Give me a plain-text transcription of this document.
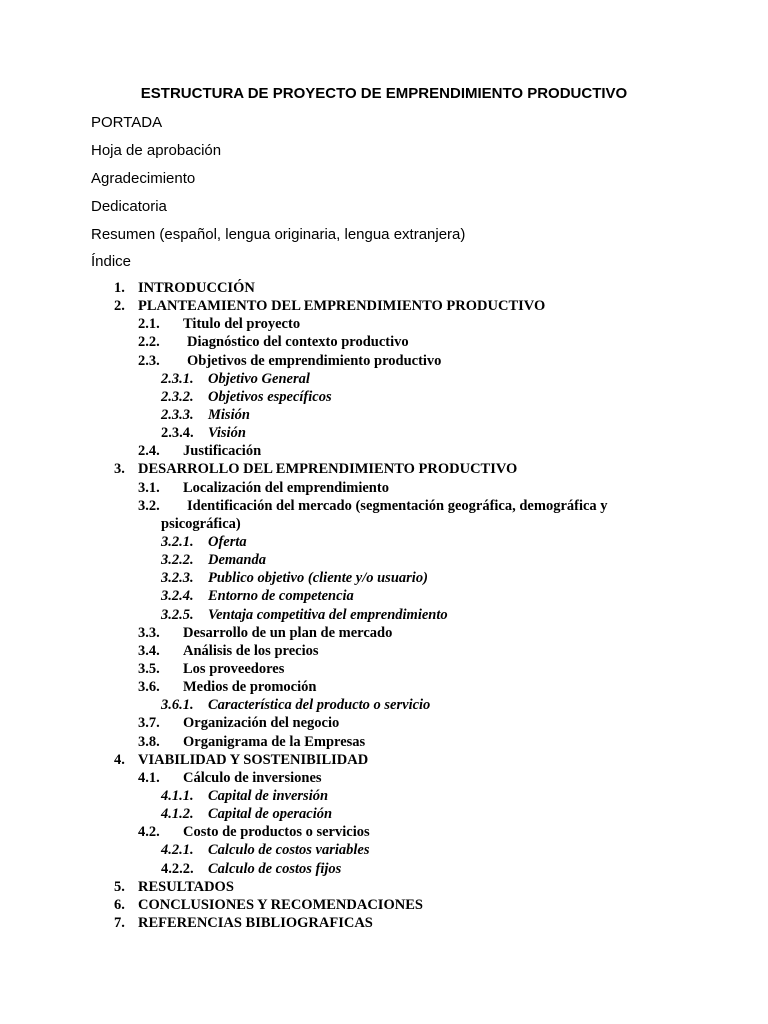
ESTRUCTURA DE PROYECTO DE EMPRENDIMIENTO PRODUCTIVO
PORTADA
Hoja de aprobación
Agradecimiento
Dedicatoria
Resumen (español, lengua originaria, lengua extranjera)
Índice
1. INTRODUCCIÓN
2. PLANTEAMIENTO DEL EMPRENDIMIENTO PRODUCTIVO
2.1. Titulo del proyecto
2.2. Diagnóstico del contexto productivo
2.3. Objetivos de emprendimiento productivo
2.3.1. Objetivo General
2.3.2. Objetivos específicos
2.3.3. Misión
2.3.4. Visión
2.4. Justificación
3. DESARROLLO DEL EMPRENDIMIENTO PRODUCTIVO
3.1. Localización del emprendimiento
3.2. Identificación del mercado (segmentación geográfica, demográfica y
psicográfica)
3.2.1. Oferta
3.2.2. Demanda
3.2.3. Publico objetivo (cliente y/o usuario)
3.2.4. Entorno de competencia
3.2.5. Ventaja competitiva del emprendimiento
3.3. Desarrollo de un plan de mercado
3.4. Análisis de los precios
3.5. Los proveedores
3.6. Medios de promoción
3.6.1. Característica del producto o servicio
3.7. Organización del negocio
3.8. Organigrama de la Empresas
4. VIABILIDAD Y SOSTENIBILIDAD
4.1. Cálculo de inversiones
4.1.1. Capital de inversión
4.1.2. Capital de operación
4.2. Costo de productos o servicios
4.2.1. Calculo de costos variables
4.2.2. Calculo de costos fijos
5. RESULTADOS
6. CONCLUSIONES Y RECOMENDACIONES
7. REFERENCIAS BIBLIOGRAFICAS
